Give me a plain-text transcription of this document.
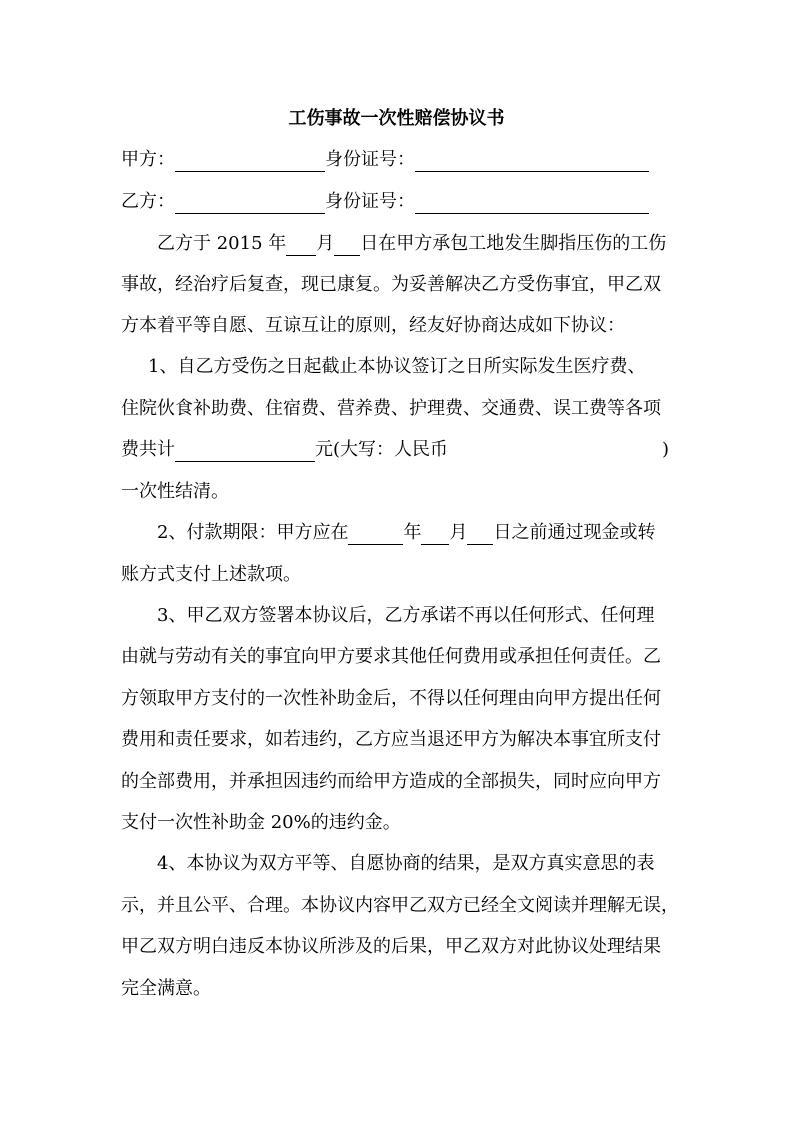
工伤事故一次性赔偿协议书
甲方：	身份证号：
乙方：	身份证号：
乙方于 2015 年 月 日在甲方承包工地发生脚指压伤的工伤
事故，经治疗后复查，现已康复。为妥善解决乙方受伤事宜，甲乙双
方本着平等自愿、互谅互让的原则，经友好协商达成如下协议：
1、自乙方受伤之日起截止本协议签订之日所实际发生医疗费、
住院伙食补助费、住宿费、营养费、护理费、交通费、误工费等各项
费共计	元(大写：人民币	)
一次性结清。
2、付款期限：甲方应在	年 月 日之前通过现金或转
账方式支付上述款项。
3、甲乙双方签署本协议后，乙方承诺不再以任何形式、任何理
由就与劳动有关的事宜向甲方要求其他任何费用或承担任何责任。乙
方领取甲方支付的一次性补助金后，不得以任何理由向甲方提出任何
费用和责任要求，如若违约，乙方应当退还甲方为解决本事宜所支付
的全部费用，并承担因违约而给甲方造成的全部损失，同时应向甲方
支付一次性补助金 20%的违约金。
4、本协议为双方平等、自愿协商的结果，是双方真实意思的表
示，并且公平、合理。本协议内容甲乙双方已经全文阅读并理解无误，
甲乙双方明白违反本协议所涉及的后果，甲乙双方对此协议处理结果
完全满意。
